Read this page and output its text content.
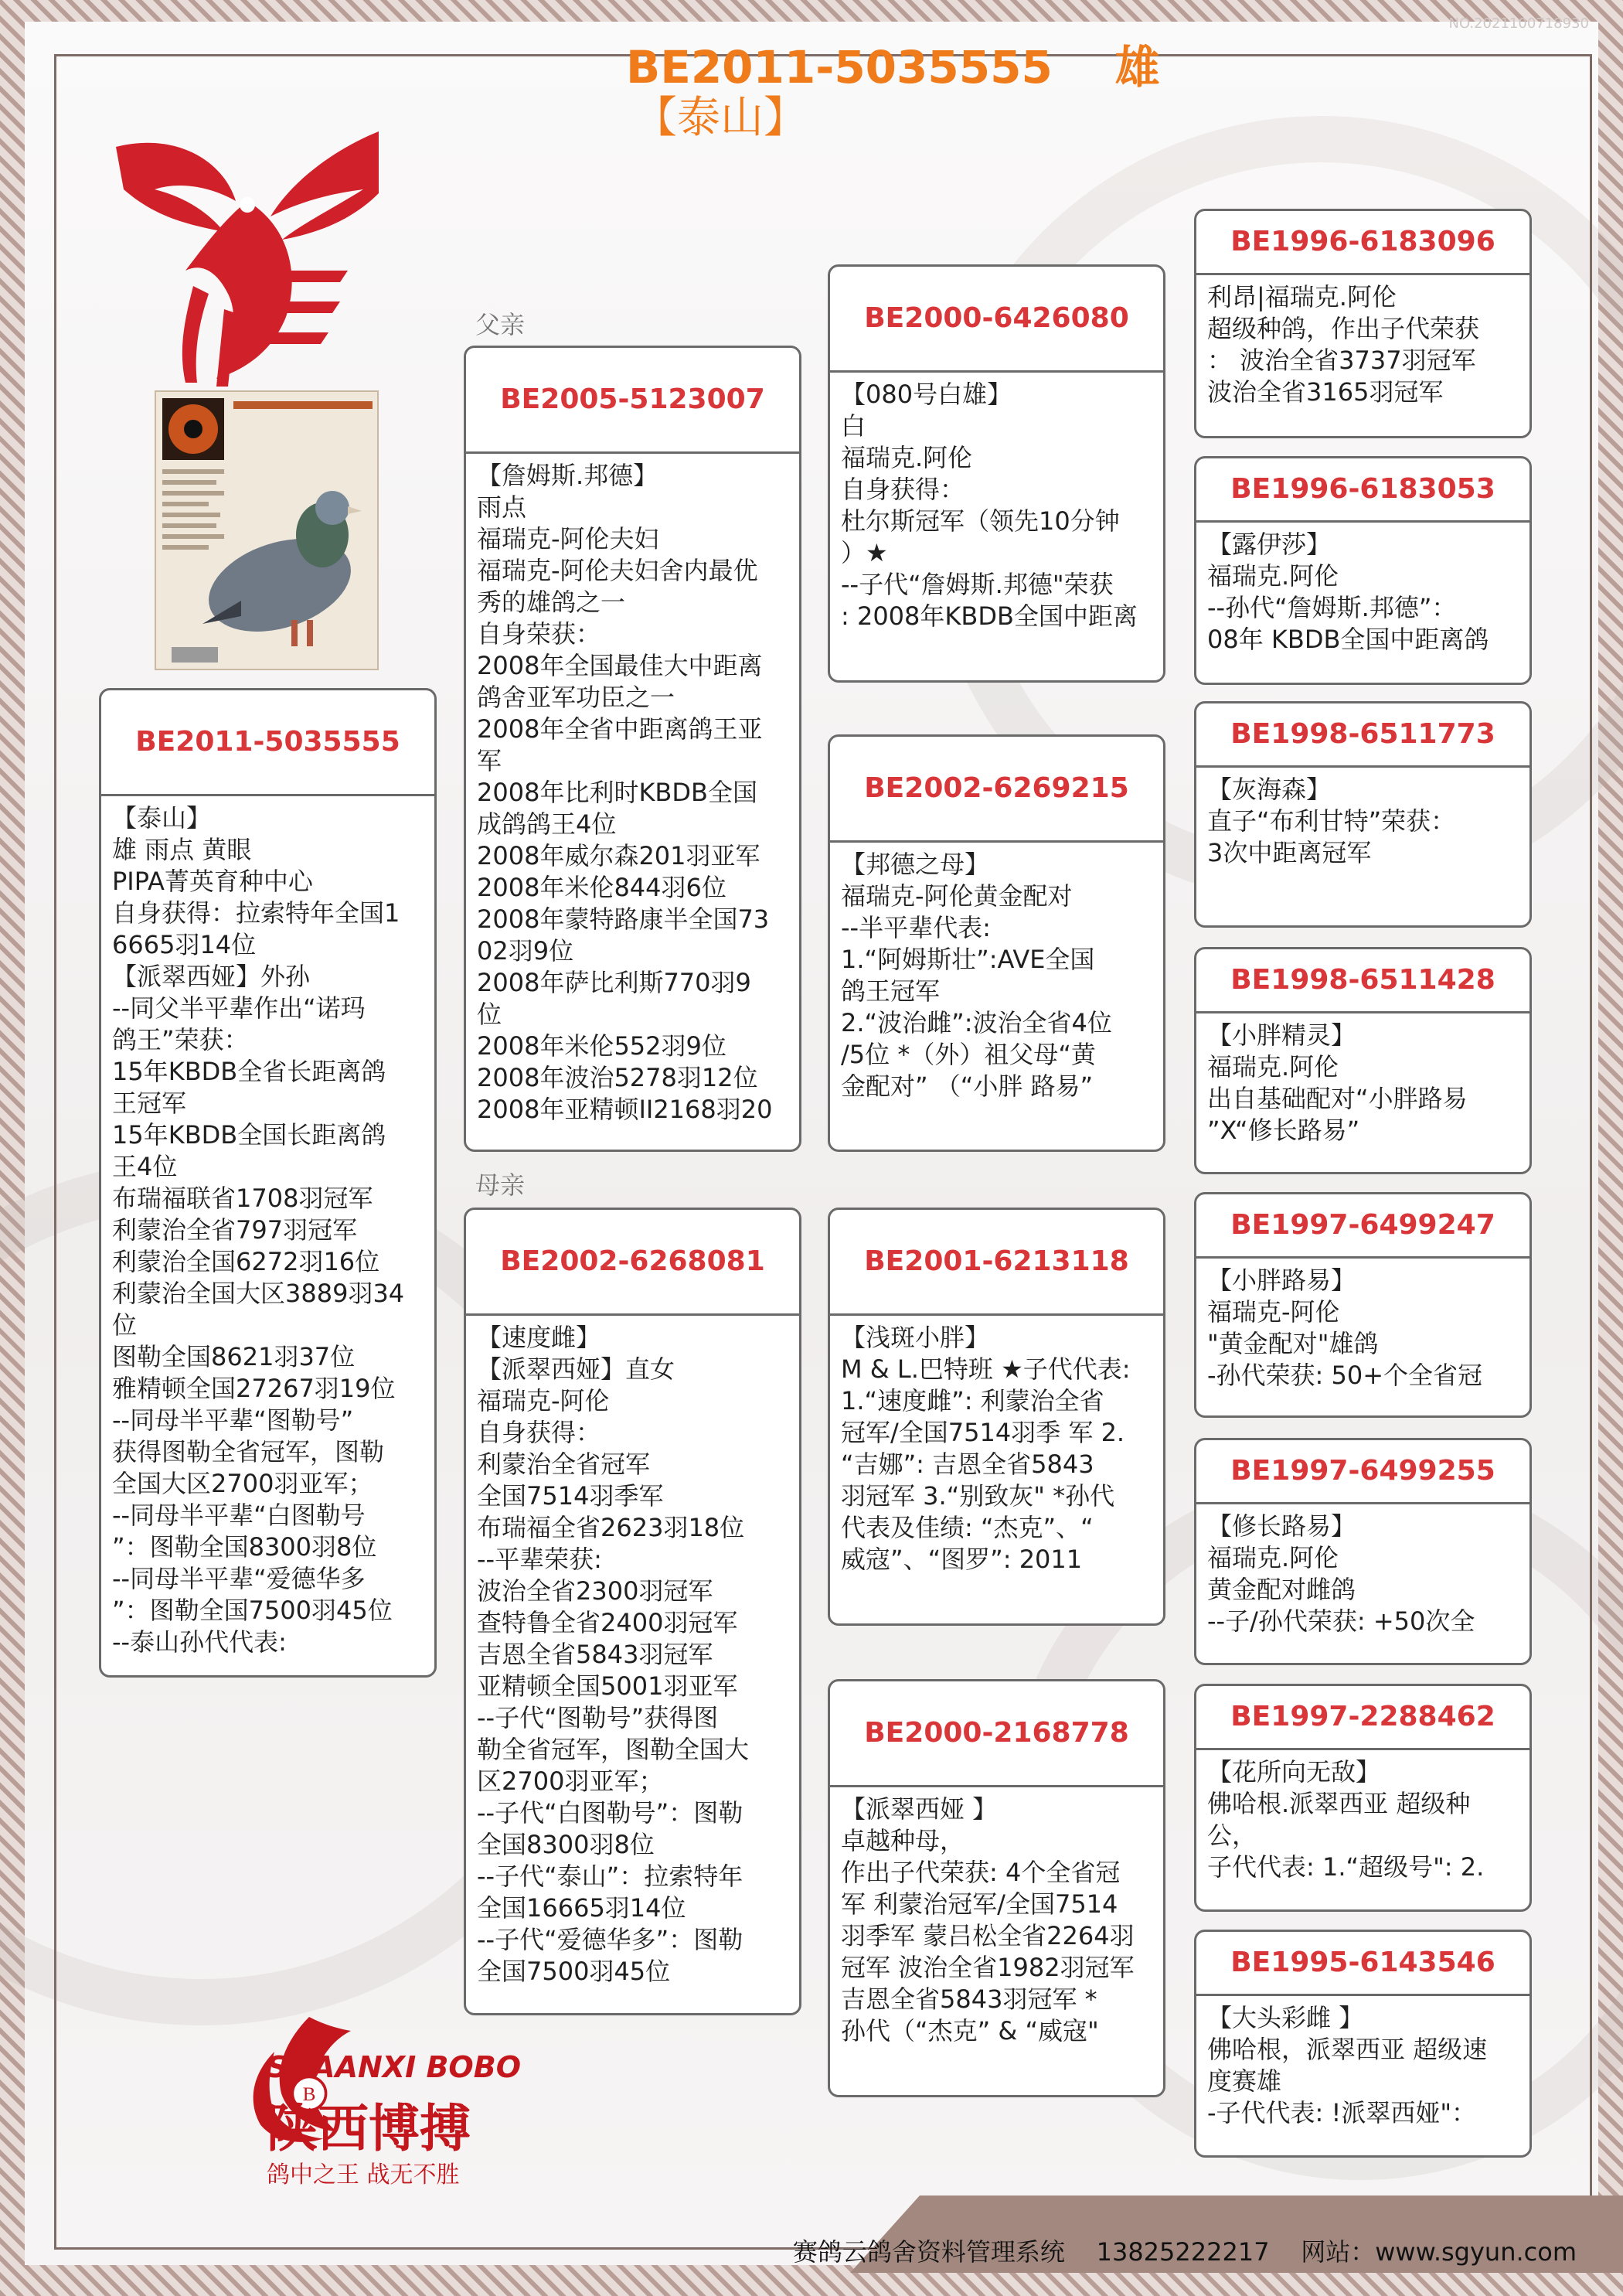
NO.2021100718930
BE2011-5035555    雄
【泰山】
父亲
母亲
BE2011-5035555
【泰山】
雄 雨点 黄眼
PIPA菁英育种中心
自身获得：拉索特年全国1
6665羽14位
【派翠西娅】外孙
--同父半平辈作出“诺玛
鸽王”荣获：
15年KBDB全省长距离鸽
王冠军
15年KBDB全国长距离鸽
王4位
布瑞福联省1708羽冠军
利蒙治全省797羽冠军
利蒙治全国6272羽16位
利蒙治全国大区3889羽34
位
图勒全国8621羽37位
雅精顿全国27267羽19位
--同母半平辈“图勒号”
获得图勒全省冠军，图勒
全国大区2700羽亚军；
--同母半平辈“白图勒号
”：图勒全国8300羽8位
--同母半平辈“爱德华多
”：图勒全国7500羽45位
--泰山孙代代表:
BE2005-5123007
【詹姆斯.邦德】
雨点
福瑞克-阿伦夫妇
福瑞克-阿伦夫妇舍内最优
秀的雄鸽之一
自身荣获：
2008年全国最佳大中距离
鸽舍亚军功臣之一
2008年全省中距离鸽王亚
军
2008年比利时KBDB全国
成鸽鸽王4位
2008年威尔森201羽亚军
2008年米伦844羽6位
2008年蒙特路康半全国73
02羽9位
2008年萨比利斯770羽9
位
2008年米伦552羽9位
2008年波治5278羽12位
2008年亚精顿II2168羽20
BE2002-6268081
【速度雌】
【派翠西娅】直女
福瑞克-阿伦
自身获得：
利蒙治全省冠军
全国7514羽季军
布瑞福全省2623羽18位
--平辈荣获:
波治全省2300羽冠军
查特鲁全省2400羽冠军
吉恩全省5843羽冠军
亚精顿全国5001羽亚军
--子代“图勒号”获得图
勒全省冠军，图勒全国大
区2700羽亚军；
--子代“白图勒号”：图勒
全国8300羽8位
--子代“泰山”：拉索特年
全国16665羽14位
--子代“爱德华多”：图勒
全国7500羽45位
BE2000-6426080
【080号白雄】
白
福瑞克.阿伦
自身获得：
杜尔斯冠军（领先10分钟
）★
--子代“詹姆斯.邦德"荣获
: 2008年KBDB全国中距离
BE2002-6269215
【邦德之母】
福瑞克-阿伦黄金配对
--半平辈代表:
1.“阿姆斯壮”:AVE全国
鸽王冠军
2.“波治雌”:波治全省4位
/5位 *（外）祖父母“黄
金配对” （“小胖 路易”
BE2001-6213118
【浅斑小胖】
M & L.巴特班 ★子代代表:
1.“速度雌”: 利蒙治全省
冠军/全国7514羽季 军 2.
“吉娜”: 吉恩全省5843
羽冠军 3.“别致灰" *孙代
代表及佳绩: “杰克”、“
威寇”、“图罗”: 2011
BE2000-2168778
【派翠西娅 】
卓越种母，
作出子代荣获: 4个全省冠
军 利蒙治冠军/全国7514
羽季军 蒙吕松全省2264羽
冠军 波治全省1982羽冠军
吉恩全省5843羽冠军 *
孙代（“杰克” & “威寇"
BE1996-6183096
利昂|福瑞克.阿伦
超级种鸽，作出子代荣获
： 波治全省3737羽冠军
波治全省3165羽冠军
BE1996-6183053
【露伊莎】
福瑞克.阿伦
--孙代“詹姆斯.邦德”：
08年 KBDB全国中距离鸽
BE1998-6511773
【灰海森】
直子“布利甘特”荣获：
3次中距离冠军
BE1998-6511428
【小胖精灵】
福瑞克.阿伦
出自基础配对“小胖路易
”X“修长路易”
BE1997-6499247
【小胖路易】
福瑞克-阿伦
"黄金配对"雄鸽
-孙代荣获: 50+个全省冠
BE1997-6499255
【修长路易】
福瑞克.阿伦
黄金配对雌鸽
--子/孙代荣获: +50次全
BE1997-2288462
【花所向无敌】
佛哈根.派翠西亚 超级种
公，
子代代表: 1.“超级号": 2.
BE1995-6143546
【大头彩雌 】
佛哈根，派翠西亚 超级速
度赛雄
-子代代表: !派翠西娅"：
B
SHAANXI BOBO
陕西博搏
鸽中之王 战无不胜
赛鸽云鸽舍资料管理系统    13825222217    网站：www.sgyun.com
